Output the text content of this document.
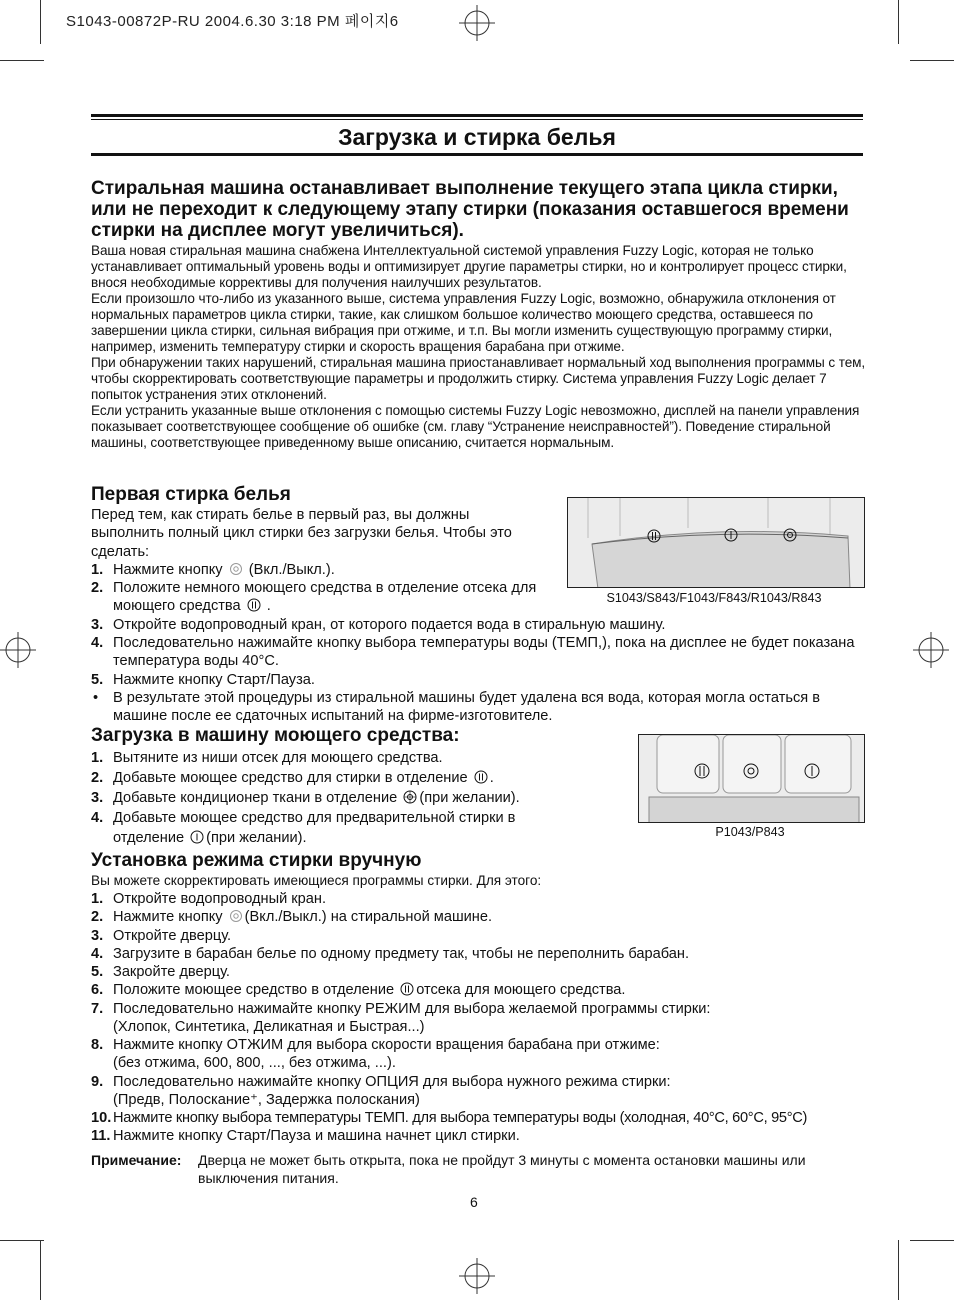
S1043-00872P-RU 2004.6.30 3:18 PM 페이지6
Загрузка и стирка белья
Стиральная машина останавливает выполнение текущего этапа цикла стирки, или не переходит к следующему этапу стирки (показания оставшегося времени стирки на дисплее могут увеличиться).

Ваша новая стиральная машина снабжена Интеллектуальной системой управления Fuzzy Logic, которая не только устанавливает оптимальный уровень воды и оптимизирует другие параметры стирки, но и контролирует процесс стирки, внося необходимые коррективы для получения наилучших результатов.

Если произошло что-либо из указанного выше, система управления Fuzzy Logic, возможно, обнаружила отклонения от нормальных параметров цикла стирки, такие, как слишком большое количество моющего средства, оставшееся по завершении цикла стирки, сильная вибрация при отжиме, и т.п. Вы могли изменить существующую программу стирки, например, изменить температуру стирки и скорость вращения барабана при отжиме.

При обнаружении таких нарушений, стиральная машина приостанавливает нормальный ход выполнения программы с тем, чтобы скорректировать соответствующие параметры и продолжить стирку. Система управления Fuzzy Logic делает 7 попыток устранения этих отклонений.

Если устранить указанные выше отклонения с помощью системы Fuzzy Logic невозможно, дисплей на панели управления показывает соответствующее сообщение об ошибке (см. главу “Устранение неисправностей”). Поведение стиральной машины, соответствующее приведенному выше описанию, считается нормальным.

Первая стирка белья

Перед тем, как стирать белье в первый раз, вы должны выполнить полный цикл стирки без загрузки белья. Чтобы это сделать:

1. Нажмите кнопку (Вкл./Выкл.).
2. Положите немного моющего средства в отделение отсека для моющего средства .
3. Откройте водопроводный кран, от которого подается вода в стиральную машину.
4. Последовательно нажимайте кнопку выбора температуры воды (ТЕМП,), пока на дисплее не будет показана температура воды 40°С.
5. Нажмите кнопку Старт/Пауза.
• В результате этой процедуры из стиральной машины будет удалена вся вода, которая могла остаться в машине после ее сдаточных испытаний на фирме-изготовителе.
S1043/S843/F1043/F843/R1043/R843
Загрузка в машину моющего средства:
1. Вытяните из ниши отсек для моющего средства.
2. Добавьте моющее средство для стирки в отделение .
3. Добавьте кондиционер ткани в отделение (при желании).
4. Добавьте моющее средство для предварительной стирки в отделение (при желании).	P1043/P843
Установка режима стирки вручную

Вы можете скорректировать имеющиеся программы стирки. Для этого:

1. Откройте водопроводный кран.
2. Нажмите кнопку (Вкл./Выкл.) на стиральной машине.
3. Откройте дверцу.
4. Загрузите в барабан белье по одному предмету так, чтобы не переполнить барабан.
5. Закройте дверцу.
6. Положите моющее средство в отделение отсека для моющего средства.
7. Последовательно нажимайте кнопку РЕЖИМ для выбора желаемой программы стирки:
(Хлопок, Синтетика, Деликатная и Быстрая...)
8. Нажмите кнопку ОТЖИМ для выбора скорости вращения барабана при отжиме:
(без отжима, 600, 800, ..., без отжима, ...).
9. Последовательно нажимайте кнопку ОПЦИЯ для выбора нужного режима стирки:
(Предв, Полоскание⁺, Задержка полоскания)
10. Нажмите кнопку выбора температуры ТЕМП. для выбора температуры воды (холодная, 40°С, 60°С, 95°С)
11. Нажмите кнопку Старт/Пауза и машина начнет цикл стирки.
Примечание: Дверца не может быть открыта, пока не пройдут 3 минуты с момента остановки машины или выключения питания.
6
